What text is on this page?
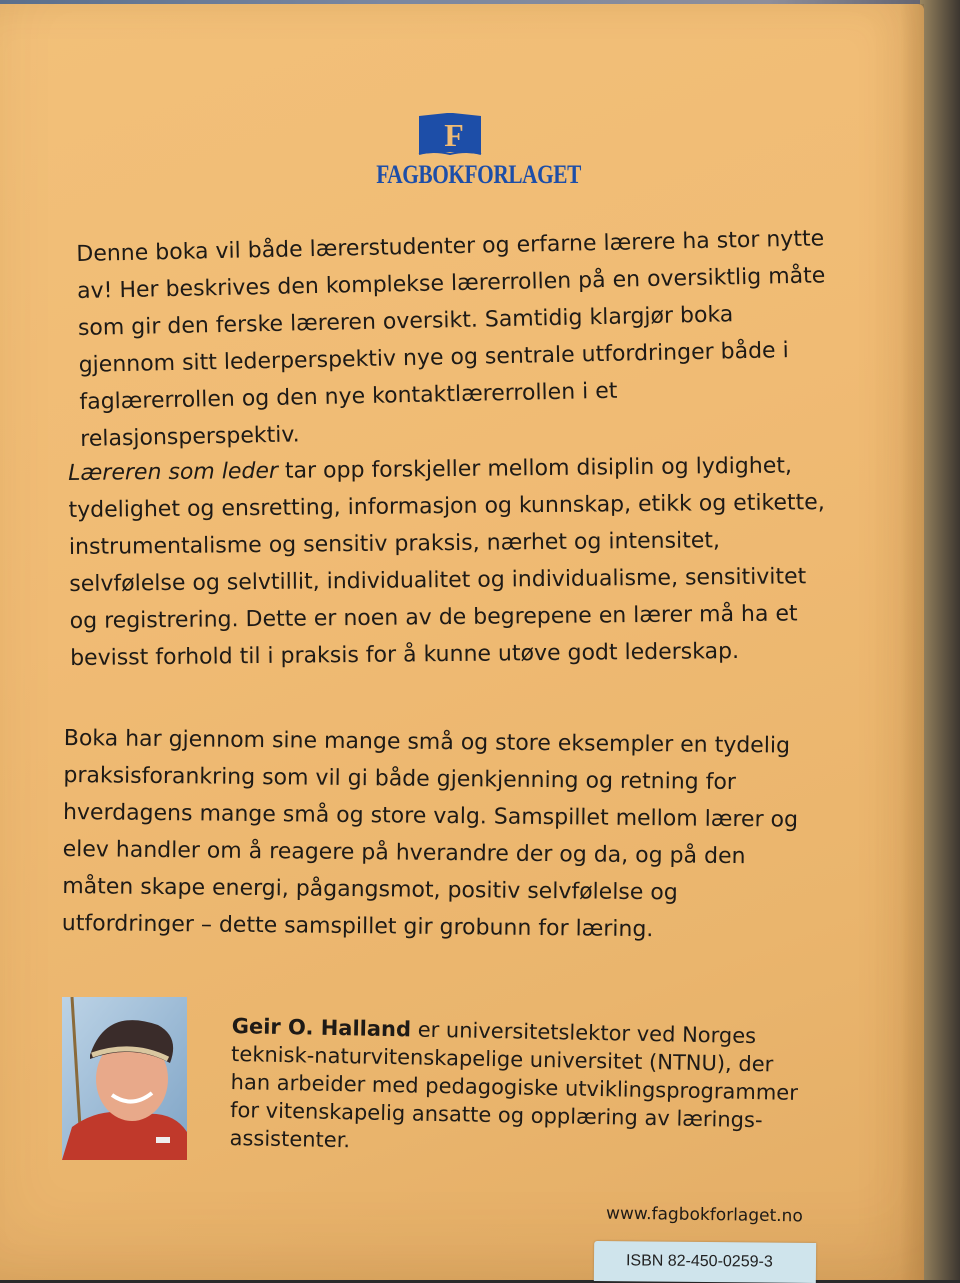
F
FAGBOKFORLAGET

Denne boka vil både lærerstudenter og erfarne lærere ha stor nytte av! Her beskrives den komplekse lærerrollen på en oversiktlig måte som gir den ferske læreren oversikt. Samtidig klargjør boka gjennom sitt lederperspektiv nye og sentrale utfordringer både i faglærerrollen og den nye kontaktlærerrollen i et relasjonsperspektiv.

Læreren som leder tar opp forskjeller mellom disiplin og lydighet, tydelighet og ensretting, informasjon og kunnskap, etikk og etikette, instrumentalisme og sensitiv praksis, nærhet og intensitet, selvfølelse og selvtillit, individualitet og individualisme, sensitivitet og registrering. Dette er noen av de begrepene en lærer må ha et bevisst forhold til i praksis for å kunne utøve godt lederskap.

Boka har gjennom sine mange små og store eksempler en tydelig praksisforankring som vil gi både gjenkjenning og retning for hverdagens mange små og store valg. Samspillet mellom lærer og elev handler om å reagere på hverandre der og da, og på den måten skape energi, pågangsmot, positiv selvfølelse og utfordringer – dette samspillet gir grobunn for læring.

Geir O. Halland er universitetslektor ved Norges teknisk-naturvitenskapelige universitet (NTNU), der han arbeider med pedagogiske utviklingsprogrammer for vitenskapelig ansatte og opplæring av lærings-assistenter.

www.fagbokforlaget.no
ISBN 82-450-0259-3
